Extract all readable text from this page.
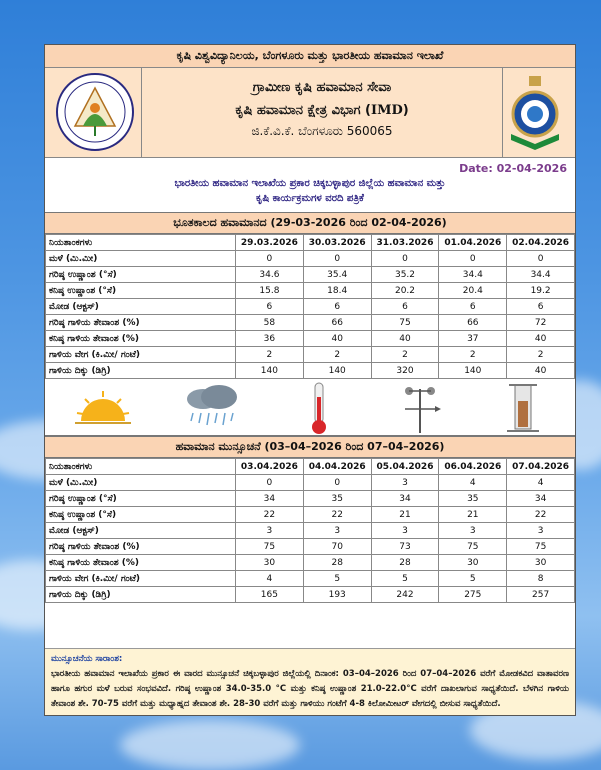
ಕೃಷಿ ವಿಶ್ವವಿದ್ಯಾನಿಲಯ, ಬೆಂಗಳೂರು ಮತ್ತು ಭಾರತೀಯ ಹವಾಮಾನ ಇಲಾಖೆ
ಗ್ರಾಮೀಣ ಕೃಷಿ ಹವಾಮಾನ ಸೇವಾ
ಕೃಷಿ ಹವಾಮಾನ ಕ್ಷೇತ್ರ ವಿಭಾಗ (IMD)
ಜಿ.ಕೆ.ವಿ.ಕೆ. ಬೆಂಗಳೂರು 560065
Date: 02-04-2026
ಭಾರತೀಯ ಹವಾಮಾನ ಇಲಾಖೆಯ ಪ್ರಕಾರ ಚಿಕ್ಕಬಳ್ಳಾಪುರ ಜಿಲ್ಲೆಯ ಹವಾಮಾನ ಮತ್ತು
ಕೃಷಿ ಕಾರ್ಯಕ್ರಮಗಳ ವರದಿ ಪತ್ರಿಕೆ
ಭೂತಕಾಲದ ಹವಾಮಾನದ (29-03-2026 ರಿಂದ 02-04-2026)
ನಿಯತಾಂಕಗಳು	29.03.2026	30.03.2026	31.03.2026	01.04.2026	02.04.2026
ಮಳೆ (ಮಿ.ಮೀ)	0	0	0	0	0
ಗರಿಷ್ಠ ಉಷ್ಣಾಂಶ (°ಸೆ)	34.6	35.4	35.2	34.4	34.4
ಕನಿಷ್ಠ ಉಷ್ಣಾಂಶ (°ಸೆ)	15.8	18.4	20.2	20.4	19.2
ಮೋಡ (ಆಕ್ಟಸ್)	6	6	6	6	6
ಗರಿಷ್ಠ ಗಾಳಿಯ ತೇವಾಂಶ (%)	58	66	75	66	72
ಕನಿಷ್ಠ ಗಾಳಿಯ ತೇವಾಂಶ (%)	36	40	40	37	40
ಗಾಳಿಯ ವೇಗ (ಕಿ.ಮೀ/ ಗಂಟೆ)	2	2	2	2	2
ಗಾಳಿಯ ದಿಕ್ಕು (ಡಿಗ್ರಿ)	140	140	320	140	40
ಹವಾಮಾನ ಮುನ್ಸೂಚನೆ (03–04–2026 ರಿಂದ 07–04–2026)
ನಿಯತಾಂಕಗಳು	03.04.2026	04.04.2026	05.04.2026	06.04.2026	07.04.2026
ಮಳೆ (ಮಿ.ಮೀ)	0	0	3	4	4
ಗರಿಷ್ಠ ಉಷ್ಣಾಂಶ (°ಸೆ)	34	35	34	35	34
ಕನಿಷ್ಠ ಉಷ್ಣಾಂಶ (°ಸೆ)	22	22	21	21	22
ಮೋಡ (ಆಕ್ಟಸ್)	3	3	3	3	3
ಗರಿಷ್ಠ ಗಾಳಿಯ ತೇವಾಂಶ (%)	75	70	73	75	75
ಕನಿಷ್ಠ ಗಾಳಿಯ ತೇವಾಂಶ (%)	30	28	28	30	30
ಗಾಳಿಯ ವೇಗ (ಕಿ.ಮೀ/ ಗಂಟೆ)	4	5	5	5	8
ಗಾಳಿಯ ದಿಕ್ಕು (ಡಿಗ್ರಿ)	165	193	242	275	257
ಮುನ್ಸೂಚನೆಯ ಸಾರಾಂಶ:
ಭಾರತೀಯ ಹವಾಮಾನ ಇಲಾಖೆಯ ಪ್ರಕಾರ ಈ ವಾರದ ಮುನ್ಸೂಚನೆ ಚಿಕ್ಕಬಳ್ಳಾಪುರ ಜಿಲ್ಲೆಯಲ್ಲಿ ದಿನಾಂಕ: 03–04–2026 ರಿಂದ 07–04–2026 ವರೆಗೆ ಮೋಡಕವಿದ ವಾತಾವರಣ ಹಾಗೂ ಹಗುರ ಮಳೆ ಬರುವ ಸಂಭವವಿದೆ. ಗರಿಷ್ಠ ಉಷ್ಣಾಂಶ 34.0-35.0 °C ಮತ್ತು ಕನಿಷ್ಠ ಉಷ್ಣಾಂಶ 21.0-22.0°C ವರೆಗೆ ದಾಖಲಾಗುವ ಸಾಧ್ಯತೆಯಿದೆ. ಬೆಳಗಿನ ಗಾಳಿಯ ತೇವಾಂಶ ಶೇ. 70-75 ವರೆಗೆ ಮತ್ತು ಮಧ್ಯಾಹ್ನದ ತೇವಾಂಶ ಶೇ. 28-30 ವರೆಗೆ ಮತ್ತು ಗಾಳಿಯು ಗಂಟೆಗೆ 4-8 ಕಿಲೋಮೀಟರ್ ವೇಗದಲ್ಲಿ ಬೀಸುವ ಸಾಧ್ಯತೆಯಿದೆ.
